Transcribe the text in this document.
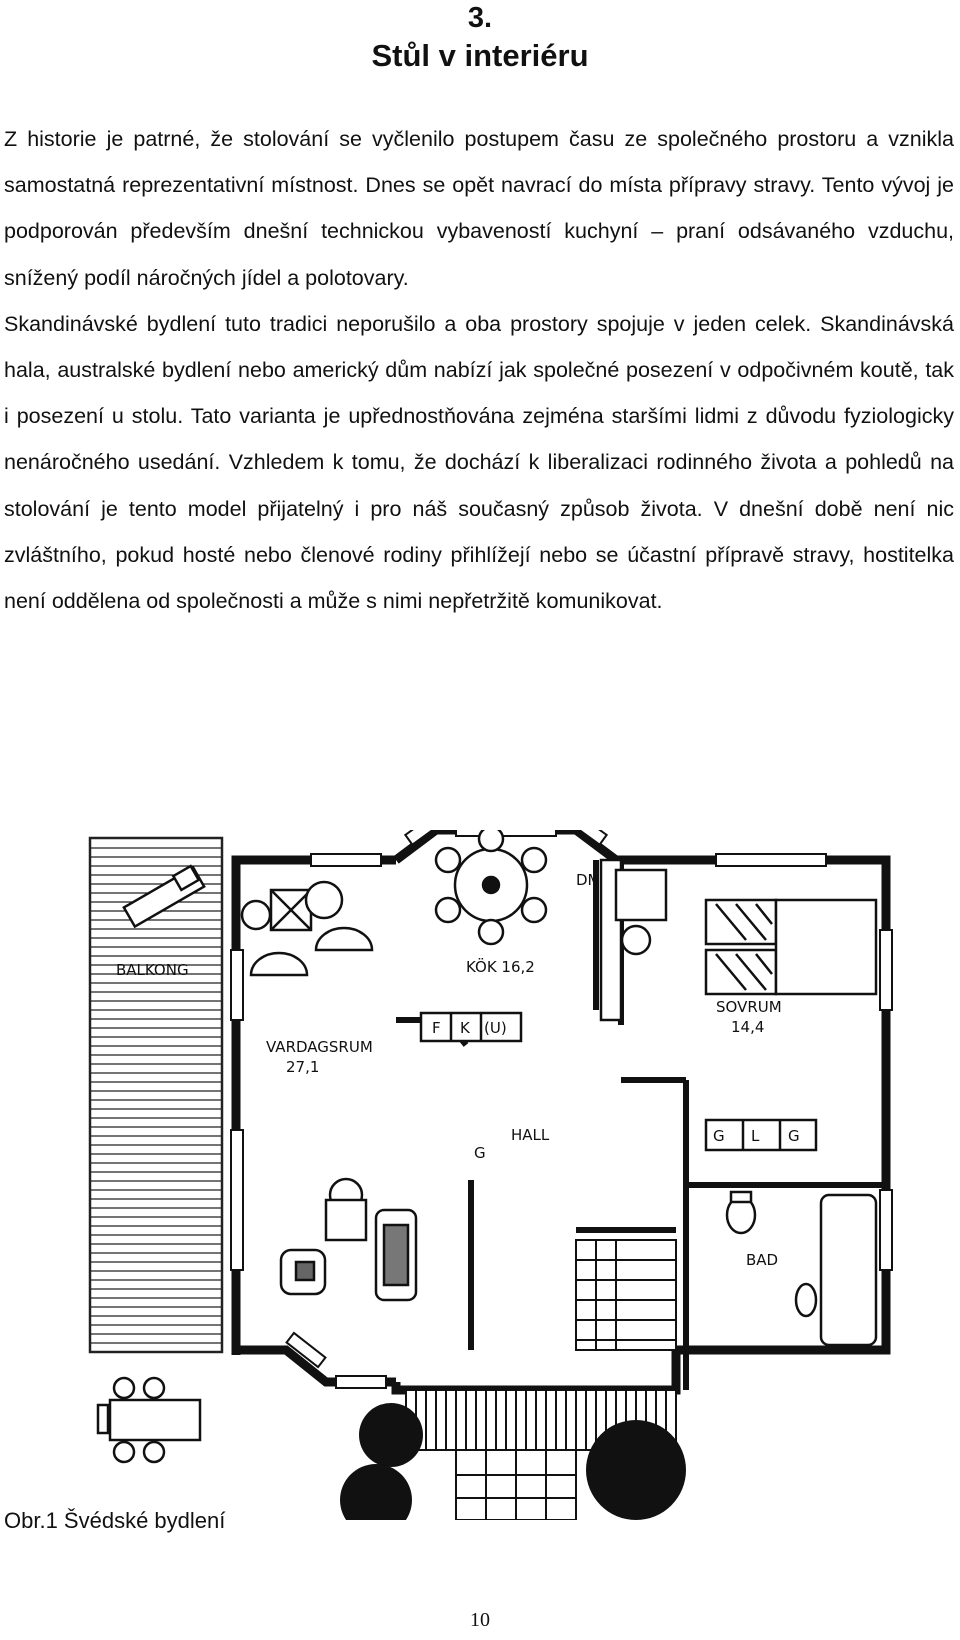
3.
Stůl v interiéru

Z historie je patrné, že stolování se vyčlenilo postupem času ze společného prostoru a vznikla samostatná reprezentativní místnost. Dnes se opět navrací do místa přípravy stravy. Tento vývoj je podporován především dnešní technickou vybaveností kuchyní – praní odsávaného vzduchu, snížený podíl náročných jídel a polotovary.

Skandinávské bydlení tuto tradici neporušilo a oba prostory spojuje v jeden celek. Skandinávská hala, australské bydlení nebo americký dům nabízí jak společné posezení v odpočivném koutě, tak i posezení u stolu. Tato varianta je upřednostňována zejména staršími lidmi z důvodu fyziologicky nenáročného usedání. Vzhledem k tomu, že dochází k liberalizaci rodinného života a pohledů na stolování je tento model přijatelný i pro náš současný způsob života. V dnešní době není nic zvláštního, pokud hosté nebo členové rodiny přihlížejí nebo se účastní přípravě stravy, hostitelka není oddělena od společnosti a může s nimi nepřetržitě komunikovat.

BALKONG
VARDAGSRUM
27,1
KÖK 16,2
DM
F K (U)
HALL
G
SOVRUM
14,4
G L G
BAD
Obr.1 Švédské bydlení
10
